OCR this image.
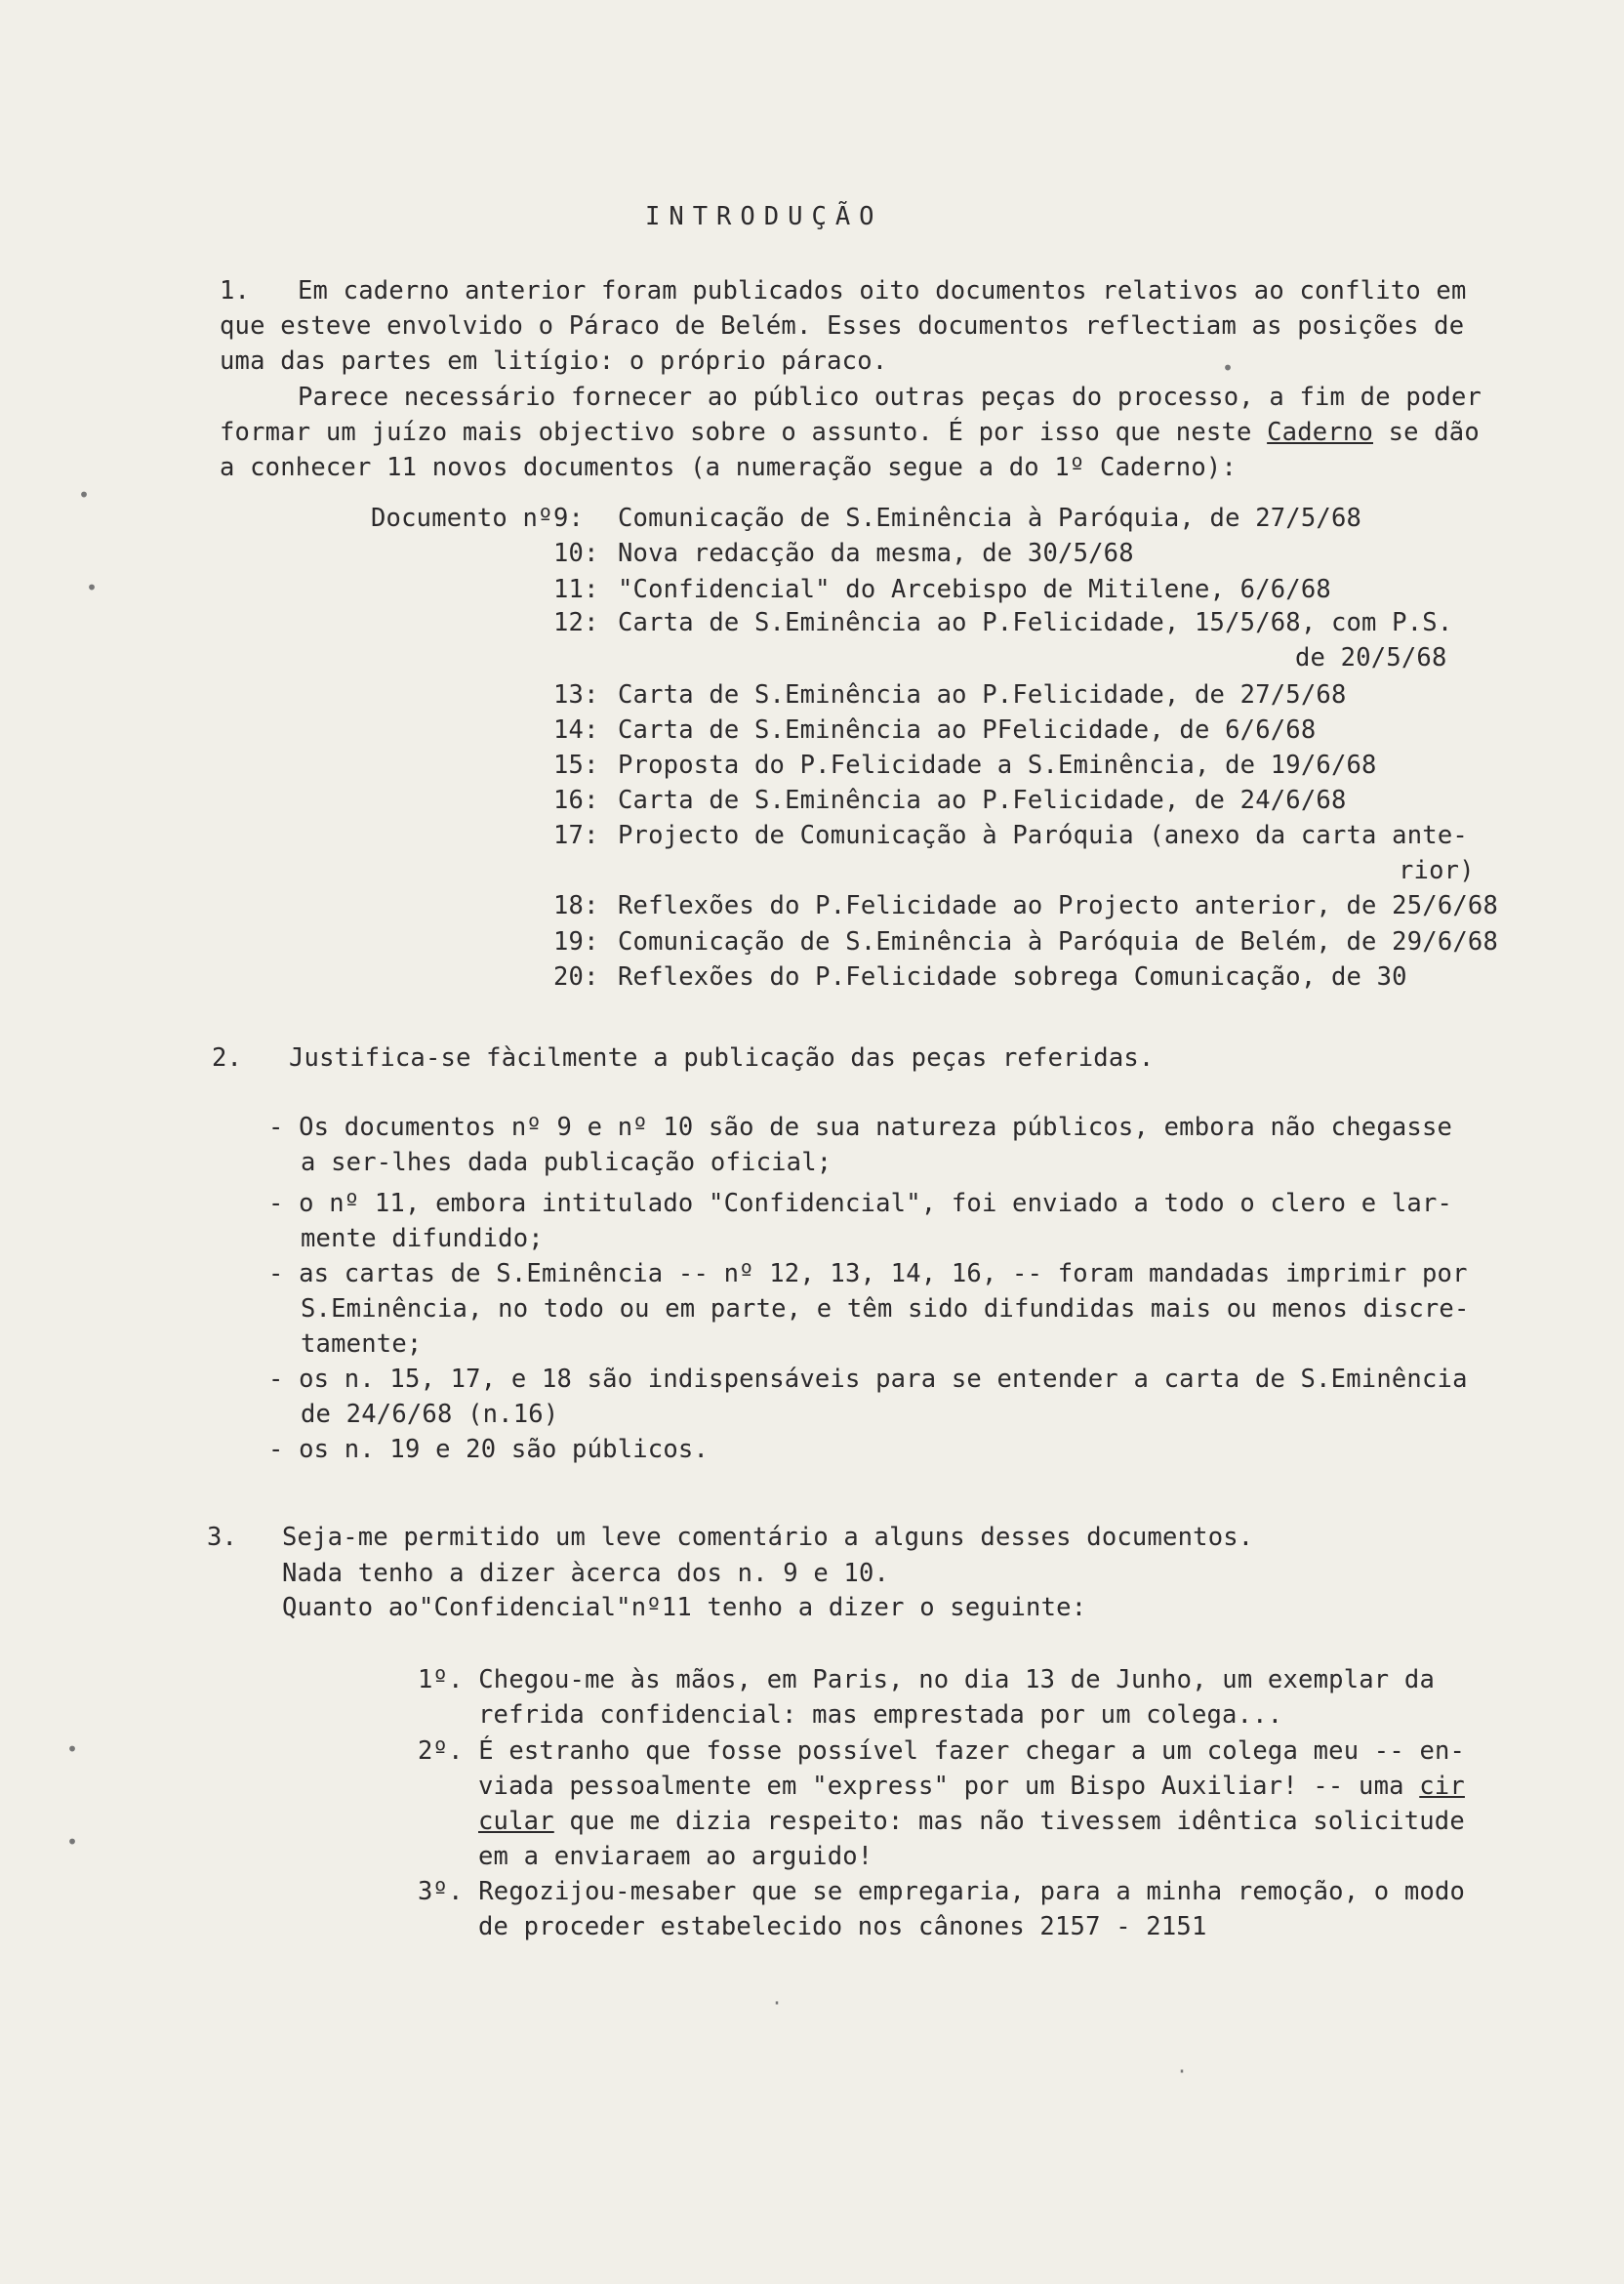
INTRODUÇÃO
1. Em caderno anterior foram publicados oito documentos relativos ao conflito em
que esteve envolvido o Páraco de Belém. Esses documentos reflectiam as posições de
uma das partes em litígio: o próprio páraco.
Parece necessário fornecer ao público outras peças do processo, a fim de poder
formar um juízo mais objectivo sobre o assunto. É por isso que neste Caderno se dão
a conhecer 11 novos documentos (a numeração segue a do 1º Caderno):
Documento nº 9: Comunicação de S.Eminência à Paróquia, de 27/5/68
10: Nova redacção da mesma, de 30/5/68
11: "Confidencial" do Arcebispo de Mitilene, 6/6/68
12: Carta de S.Eminência ao P.Felicidade, 15/5/68, com P.S.
de 20/5/68
13: Carta de S.Eminência ao P.Felicidade, de 27/5/68
14: Carta de S.Eminência ao PFelicidade, de 6/6/68
15: Proposta do P.Felicidade a S.Eminência, de 19/6/68
16: Carta de S.Eminência ao P.Felicidade, de 24/6/68
17: Projecto de Comunicação à Paróquia (anexo da carta ante-
rior)
18: Reflexões do P.Felicidade ao Projecto anterior, de 25/6/68
19: Comunicação de S.Eminência à Paróquia de Belém, de 29/6/68
20: Reflexões do P.Felicidade sobrega Comunicação, de 30
2. Justifica-se fàcilmente a publicação das peças referidas.
- Os documentos nº 9 e nº 10 são de sua natureza públicos, embora não chegasse
a ser-lhes dada publicação oficial;
- o nº 11, embora intitulado "Confidencial", foi enviado a todo o clero e lar-
mente difundido;
- as cartas de S.Eminência -- nº 12, 13, 14, 16, -- foram mandadas imprimir por
S.Eminência, no todo ou em parte, e têm sido difundidas mais ou menos discre-
tamente;
- os n. 15, 17, e 18 são indispensáveis para se entender a carta de S.Eminência
de 24/6/68 (n.16)
- os n. 19 e 20 são públicos.
3. Seja-me permitido um leve comentário a alguns desses documentos.
Nada tenho a dizer àcerca dos n. 9 e 10.
Quanto ao"Confidencial"nº11 tenho a dizer o seguinte:
1º. Chegou-me às mãos, em Paris, no dia 13 de Junho, um exemplar da
refrida confidencial: mas emprestada por um colega...
2º. É estranho que fosse possível fazer chegar a um colega meu -- en-
viada pessoalmente em "express" por um Bispo Auxiliar! -- uma cir
cular que me dizia respeito: mas não tivessem idêntica solicitude
em a enviaraem ao arguido!
3º. Regozijou-mesaber que se empregaria, para a minha remoção, o modo
de proceder estabelecido nos cânones 2157 - 2151
•
•
•
•
•
·
·
